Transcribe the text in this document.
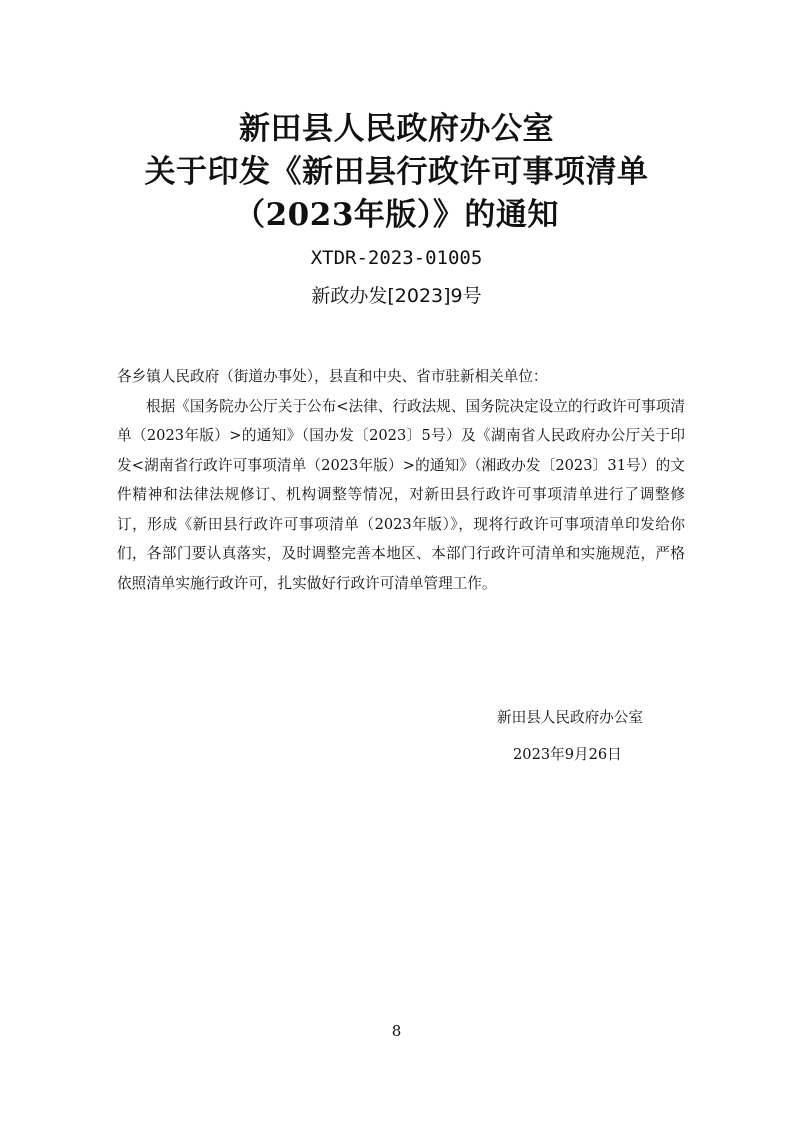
新田县人民政府办公室

关于印发《新田县行政许可事项清单

（2023年版）》的通知

XTDR-2023-01005
新政办发[2023]9号

各乡镇人民政府（街道办事处），县直和中央、省市驻新相关单位：

根据《国务院办公厅关于公布<法律、行政法规、国务院决定设立的行政许可事项清单（2023年版）>的通知》（国办发〔2023〕5号）及《湖南省人民政府办公厅关于印发<湖南省行政许可事项清单（2023年版）>的通知》（湘政办发〔2023〕31号）的文件精神和法律法规修订、机构调整等情况，对新田县行政许可事项清单进行了调整修订，形成《新田县行政许可事项清单（2023年版）》，现将行政许可事项清单印发给你们，各部门要认真落实，及时调整完善本地区、本部门行政许可清单和实施规范，严格依照清单实施行政许可，扎实做好行政许可清单管理工作。

新田县人民政府办公室
2023年9月26日
8
